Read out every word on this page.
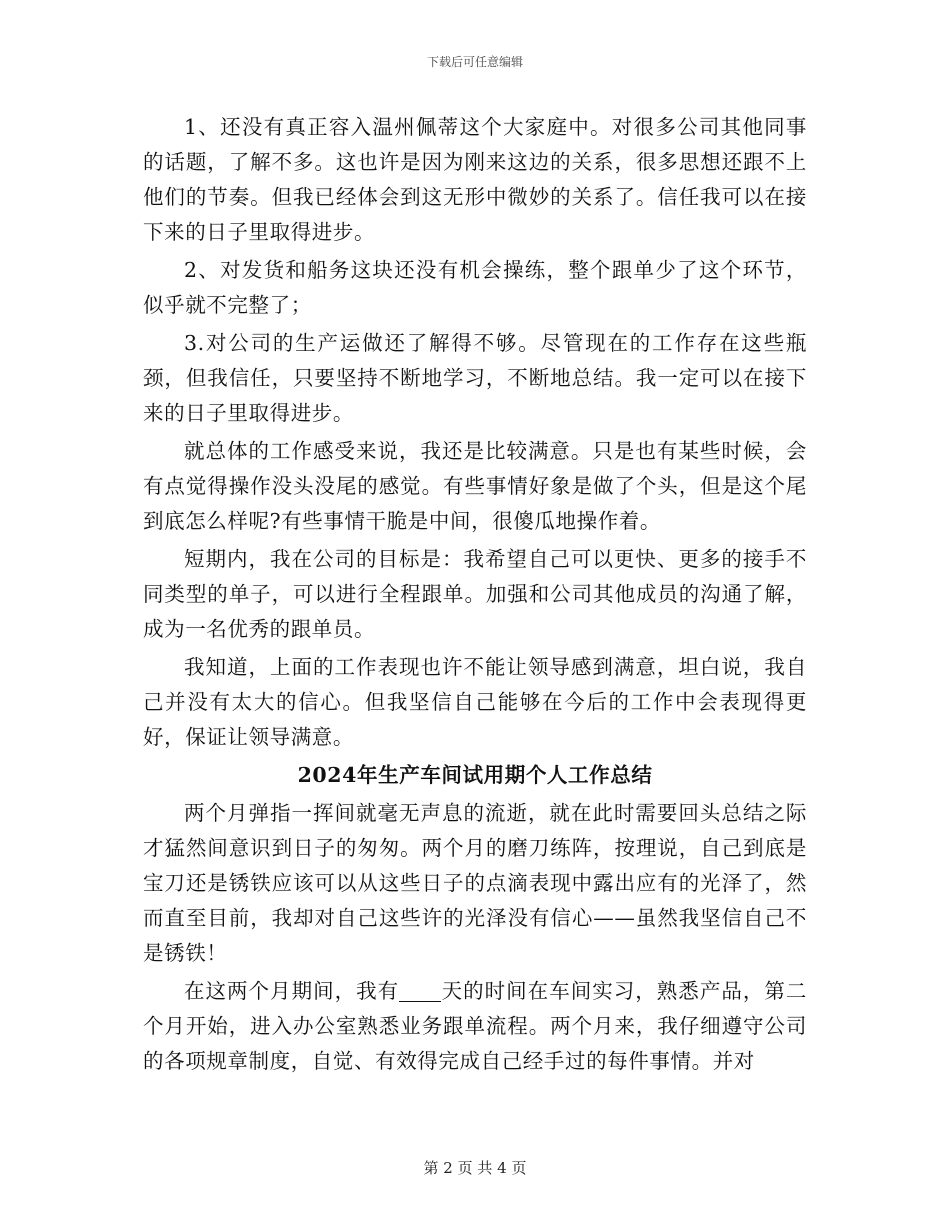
下载后可任意编辑

1、还没有真正容入温州佩蒂这个大家庭中。对很多公司其他同事的话题，了解不多。这也许是因为刚来这边的关系，很多思想还跟不上他们的节奏。但我已经体会到这无形中微妙的关系了。信任我可以在接下来的日子里取得进步。

2、对发货和船务这块还没有机会操练，整个跟单少了这个环节，似乎就不完整了；

3.对公司的生产运做还了解得不够。尽管现在的工作存在这些瓶颈，但我信任，只要坚持不断地学习，不断地总结。我一定可以在接下来的日子里取得进步。

就总体的工作感受来说，我还是比较满意。只是也有某些时候，会有点觉得操作没头没尾的感觉。有些事情好象是做了个头，但是这个尾到底怎么样呢?有些事情干脆是中间，很傻瓜地操作着。

短期内，我在公司的目标是：我希望自己可以更快、更多的接手不同类型的单子，可以进行全程跟单。加强和公司其他成员的沟通了解，成为一名优秀的跟单员。

我知道，上面的工作表现也许不能让领导感到满意，坦白说，我自己并没有太大的信心。但我坚信自己能够在今后的工作中会表现得更好，保证让领导满意。

2024年生产车间试用期个人工作总结

两个月弹指一挥间就毫无声息的流逝，就在此时需要回头总结之际才猛然间意识到日子的匆匆。两个月的磨刀练阵，按理说，自己到底是宝刀还是锈铁应该可以从这些日子的点滴表现中露出应有的光泽了，然而直至目前，我却对自己这些许的光泽没有信心——虽然我坚信自己不是锈铁！

在这两个月期间，我有 天的时间在车间实习，熟悉产品，第二个月开始，进入办公室熟悉业务跟单流程。两个月来，我仔细遵守公司的各项规章制度，自觉、有效得完成自己经手过的每件事情。并对

第 2 页 共 4 页
